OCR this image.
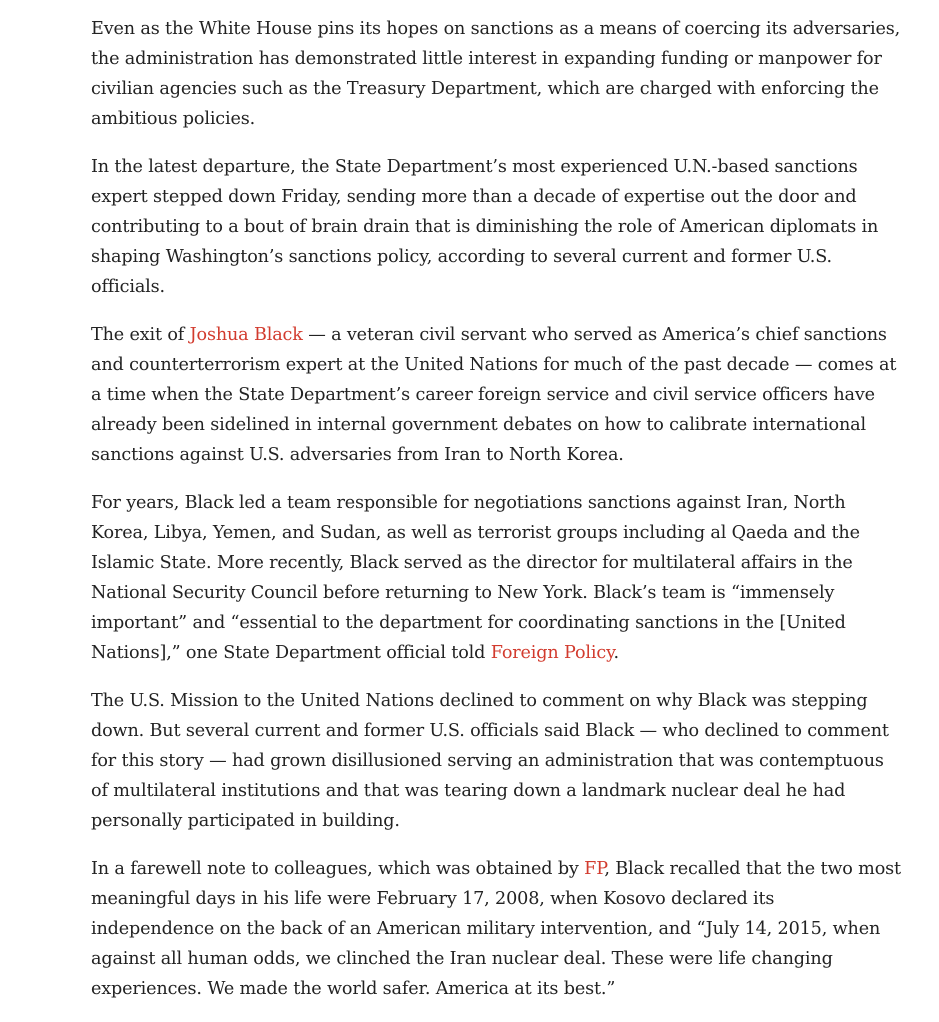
Even as the White House pins its hopes on sanctions as a means of coercing its adversaries, the administration has demonstrated little interest in expanding funding or manpower for civilian agencies such as the Treasury Department, which are charged with enforcing the ambitious policies.

In the latest departure, the State Department’s most experienced U.N.-based sanctions expert stepped down Friday, sending more than a decade of expertise out the door and contributing to a bout of brain drain that is diminishing the role of American diplomats in shaping Washington’s sanctions policy, according to several current and former U.S. officials.

The exit of Joshua Black — a veteran civil servant who served as America’s chief sanctions and counterterrorism expert at the United Nations for much of the past decade — comes at a time when the State Department’s career foreign service and civil service officers have already been sidelined in internal government debates on how to calibrate international sanctions against U.S. adversaries from Iran to North Korea.

For years, Black led a team responsible for negotiations sanctions against Iran, North Korea, Libya, Yemen, and Sudan, as well as terrorist groups including al Qaeda and the Islamic State. More recently, Black served as the director for multilateral affairs in the National Security Council before returning to New York. Black’s team is “immensely important” and “essential to the department for coordinating sanctions in the [United Nations],” one State Department official told Foreign Policy.

The U.S. Mission to the United Nations declined to comment on why Black was stepping down. But several current and former U.S. officials said Black — who declined to comment for this story — had grown disillusioned serving an administration that was contemptuous of multilateral institutions and that was tearing down a landmark nuclear deal he had personally participated in building.

In a farewell note to colleagues, which was obtained by FP, Black recalled that the two most meaningful days in his life were February 17, 2008, when Kosovo declared its independence on the back of an American military intervention, and “July 14, 2015, when against all human odds, we clinched the Iran nuclear deal. These were life changing experiences. We made the world safer. America at its best.”
